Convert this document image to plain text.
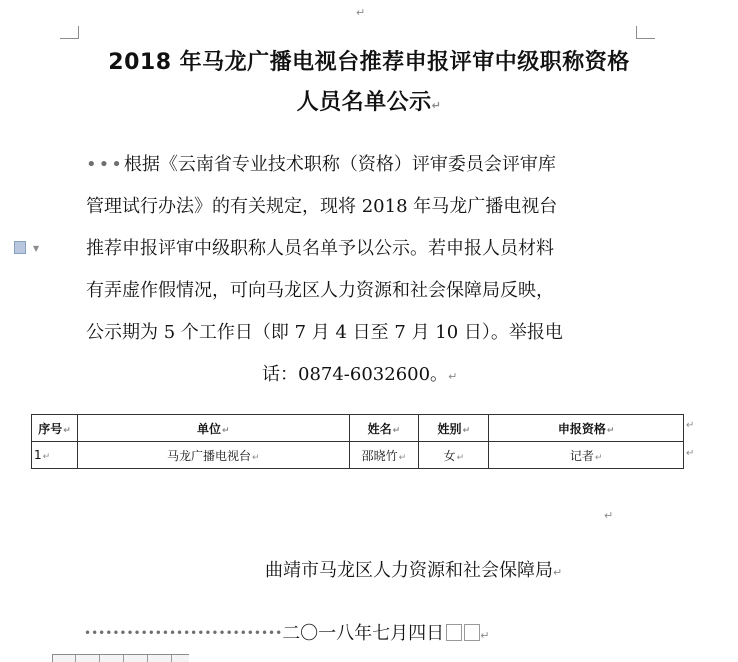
↵
2018 年马龙广播电视台推荐申报评审中级职称资格
人员名单公示↵
▼
•••根据《云南省专业技术职称（资格）评审委员会评审库
管理试行办法》的有关规定，现将 2018 年马龙广播电视台
推荐申报评审中级职称人员名单予以公示。若申报人员材料
有弄虚作假情况，可向马龙区人力资源和社会保障局反映，
公示期为 5 个工作日（即 7 月 4 日至 7 月 10 日）。举报电
话：0874-6032600。↵
序号↵	单位↵	姓名↵	姓别↵	申报资格↵
1↵	马龙广播电视台↵	邵晓竹↵	女↵	记者↵
↵
↵
↵
曲靖市马龙区人力资源和社会保障局↵
••••••••••••••••••••••••••••二〇一八年七月四日	↵
